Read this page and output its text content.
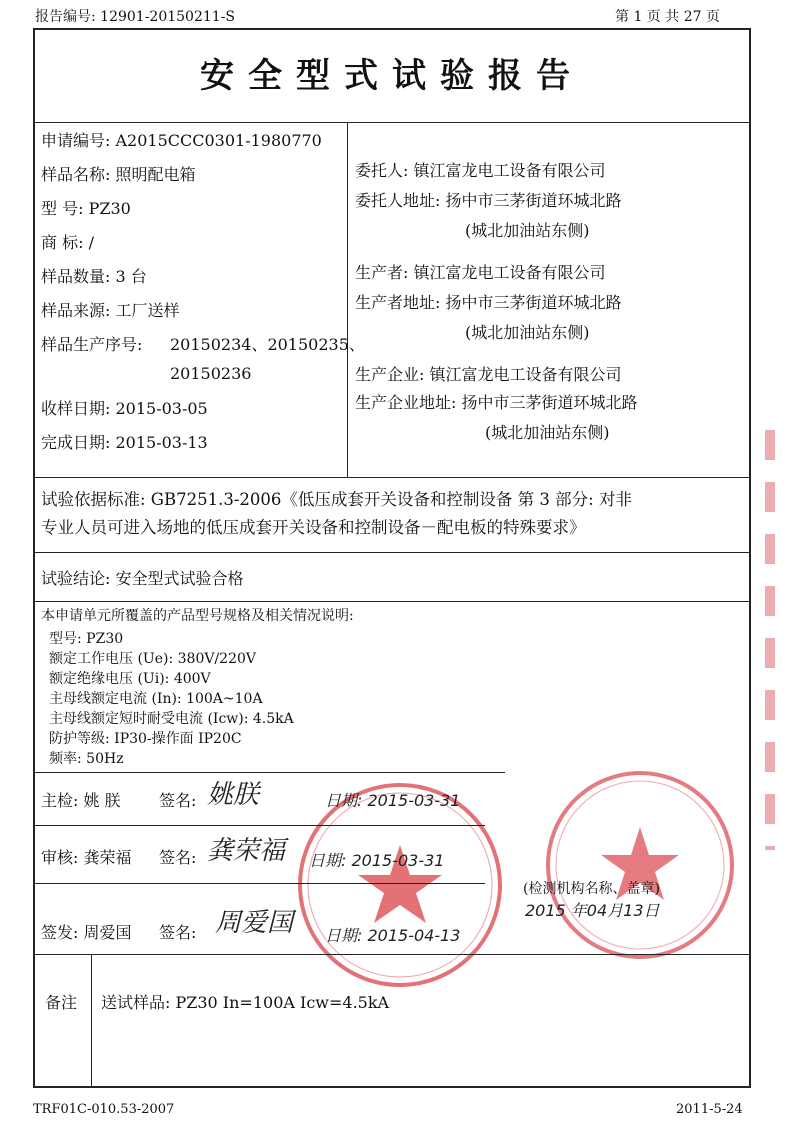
报告编号: 12901-20150211-S	第 1 页 共 27 页
安全型式试验报告
申请编号: A2015CCC0301-1980770
样品名称: 照明配电箱
型 号: PZ30
商 标: /
样品数量: 3 台
样品来源: 工厂送样
样品生产序号: 20150234、20150235、
20150236
收样日期: 2015-03-05
完成日期: 2015-03-13
委托人: 镇江富龙电工设备有限公司
委托人地址: 扬中市三茅街道环城北路
(城北加油站东侧)
生产者: 镇江富龙电工设备有限公司
生产者地址: 扬中市三茅街道环城北路
(城北加油站东侧)
生产企业: 镇江富龙电工设备有限公司
生产企业地址: 扬中市三茅街道环城北路
(城北加油站东侧)
试验依据标准: GB7251.3-2006《低压成套开关设备和控制设备 第 3 部分: 对非
专业人员可进入场地的低压成套开关设备和控制设备－配电板的特殊要求》
试验结论: 安全型式试验合格
本申请单元所覆盖的产品型号规格及相关情况说明:
型号: PZ30
额定工作电压 (Ue): 380V/220V
额定绝缘电压 (Ui): 400V
主母线额定电流 (In): 100A~10A
主母线额定短时耐受电流 (Icw): 4.5kA
防护等级: IP30-操作面 IP20C
频率: 50Hz
主检: 姚 朕 签名: 姚朕	日期: 2015-03-31
审核: 龚荣福 签名: 龚荣福 日期: 2015-03-31
(检测机构名称、盖章)
2015 年04月13日
签发: 周爱国 签名: 周爱国 日期: 2015-04-13
备注 送试样品: PZ30 In=100A Icw=4.5kA
TRF01C-010.53-2007	2011-5-24
